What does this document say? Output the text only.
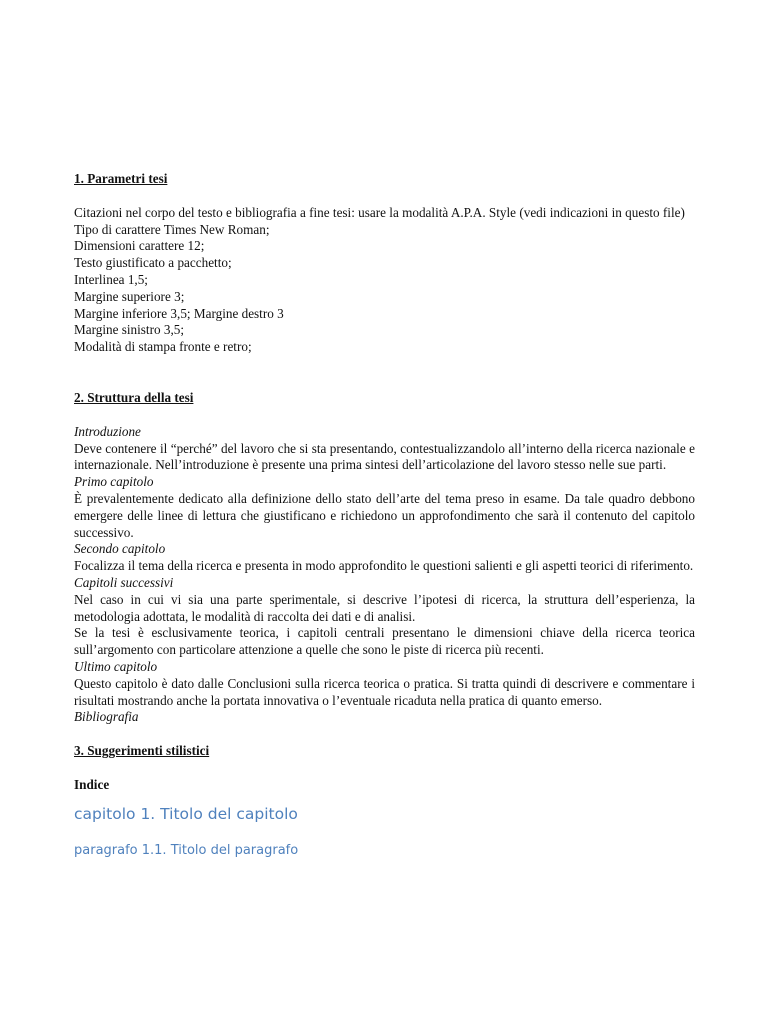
1. Parametri tesi

Citazioni nel corpo del testo e bibliografia a fine tesi: usare la modalità A.P.A. Style (vedi indicazioni in questo file)

Tipo di carattere Times New Roman;

Dimensioni carattere 12;

Testo giustificato a pacchetto;

Interlinea 1,5;

Margine superiore 3;

Margine inferiore 3,5; Margine destro 3

Margine sinistro 3,5;

Modalità di stampa fronte e retro;

2. Struttura della tesi

Introduzione

Deve contenere il “perché” del lavoro che si sta presentando, contestualizzandolo all’interno della ricerca nazionale e internazionale. Nell’introduzione è presente una prima sintesi dell’articolazione del lavoro stesso nelle sue parti.

Primo capitolo

È prevalentemente dedicato alla definizione dello stato dell’arte del tema preso in esame. Da tale quadro debbono emergere delle linee di lettura che giustificano e richiedono un approfondimento che sarà il contenuto del capitolo successivo.

Secondo capitolo

Focalizza il tema della ricerca e presenta in modo approfondito le questioni salienti e gli aspetti teorici di riferimento.

Capitoli successivi

Nel caso in cui vi sia una parte sperimentale, si descrive l’ipotesi di ricerca, la struttura dell’esperienza, la metodologia adottata, le modalità di raccolta dei dati e di analisi.

Se la tesi è esclusivamente teorica, i capitoli centrali presentano le dimensioni chiave della ricerca teorica sull’argomento con particolare attenzione a quelle che sono le piste di ricerca più recenti.

Ultimo capitolo

Questo capitolo è dato dalle Conclusioni sulla ricerca teorica o pratica. Si tratta quindi di descrivere e commentare i risultati mostrando anche la portata innovativa o l’eventuale ricaduta nella pratica di quanto emerso.

Bibliografia

3. Suggerimenti stilistici

Indice

capitolo 1. Titolo del capitolo

paragrafo 1.1. Titolo del paragrafo
